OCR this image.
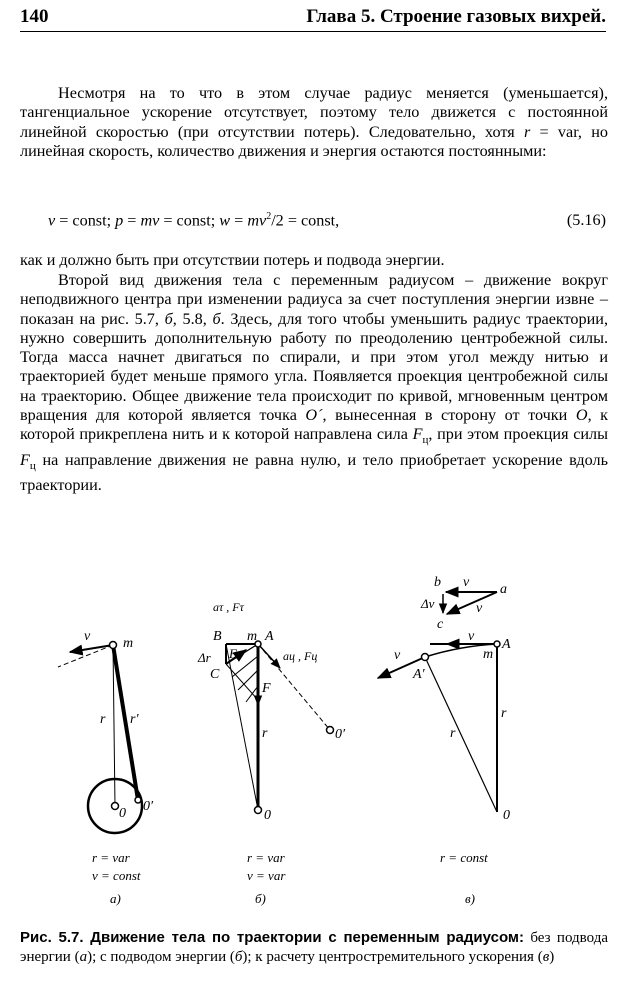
140	Глава 5. Строение газовых вихрей.

Несмотря на то что в этом случае радиус меняется (уменьшается), тангенциальное ускорение отсутствует, поэтому тело движется с постоянной линейной скоростью (при отсутствии потерь). Следовательно, хотя r = var, но линейная скорость, количество движения и энергия остаются постоянными:

v = const; p = mv = const; $w = mv^2/2$ = const,	(5.16)

как и должно быть при отсутствии потерь и подвода энергии.

Второй вид движения тела с переменным радиусом – движение вокруг неподвижного центра при изменении радиуса за счет поступления энергии извне – показан на рис. 5.7, б, 5.8, б. Здесь, для того чтобы уменьшить радиус траектории, нужно совершить дополнительную работу по преодолению центробежной силы. Тогда масса начнет двигаться по спирали, и при этом угол между нитью и траекторией будет меньше прямого угла. Появляется проекция центробежной силы на траекторию. Общее движение тела происходит по кривой, мгновенным центром вращения для которой является точка O´, вынесенная в сторону от точки O, к которой прикреплена нить и к которой направлена сила $F_ц$, при этом проекция силы $F_ц$ на направление движения не равна нулю, и тело приобретает ускорение вдоль траектории.

v m
r r′
0 0′
r = var
v = const
а)
aτ , Fτ
B m A
Δr F
C
aц , Fц
F
r
0
0′
r = var
v = var
б)
b v a
Δv	v
c
v
A
m
v
A′
r
r
0
r = const
в)

Рис. 5.7. Движение тела по траектории с переменным радиусом: без подвода энергии (а); с подводом энергии (б); к расчету центростремительного ускорения (в)
